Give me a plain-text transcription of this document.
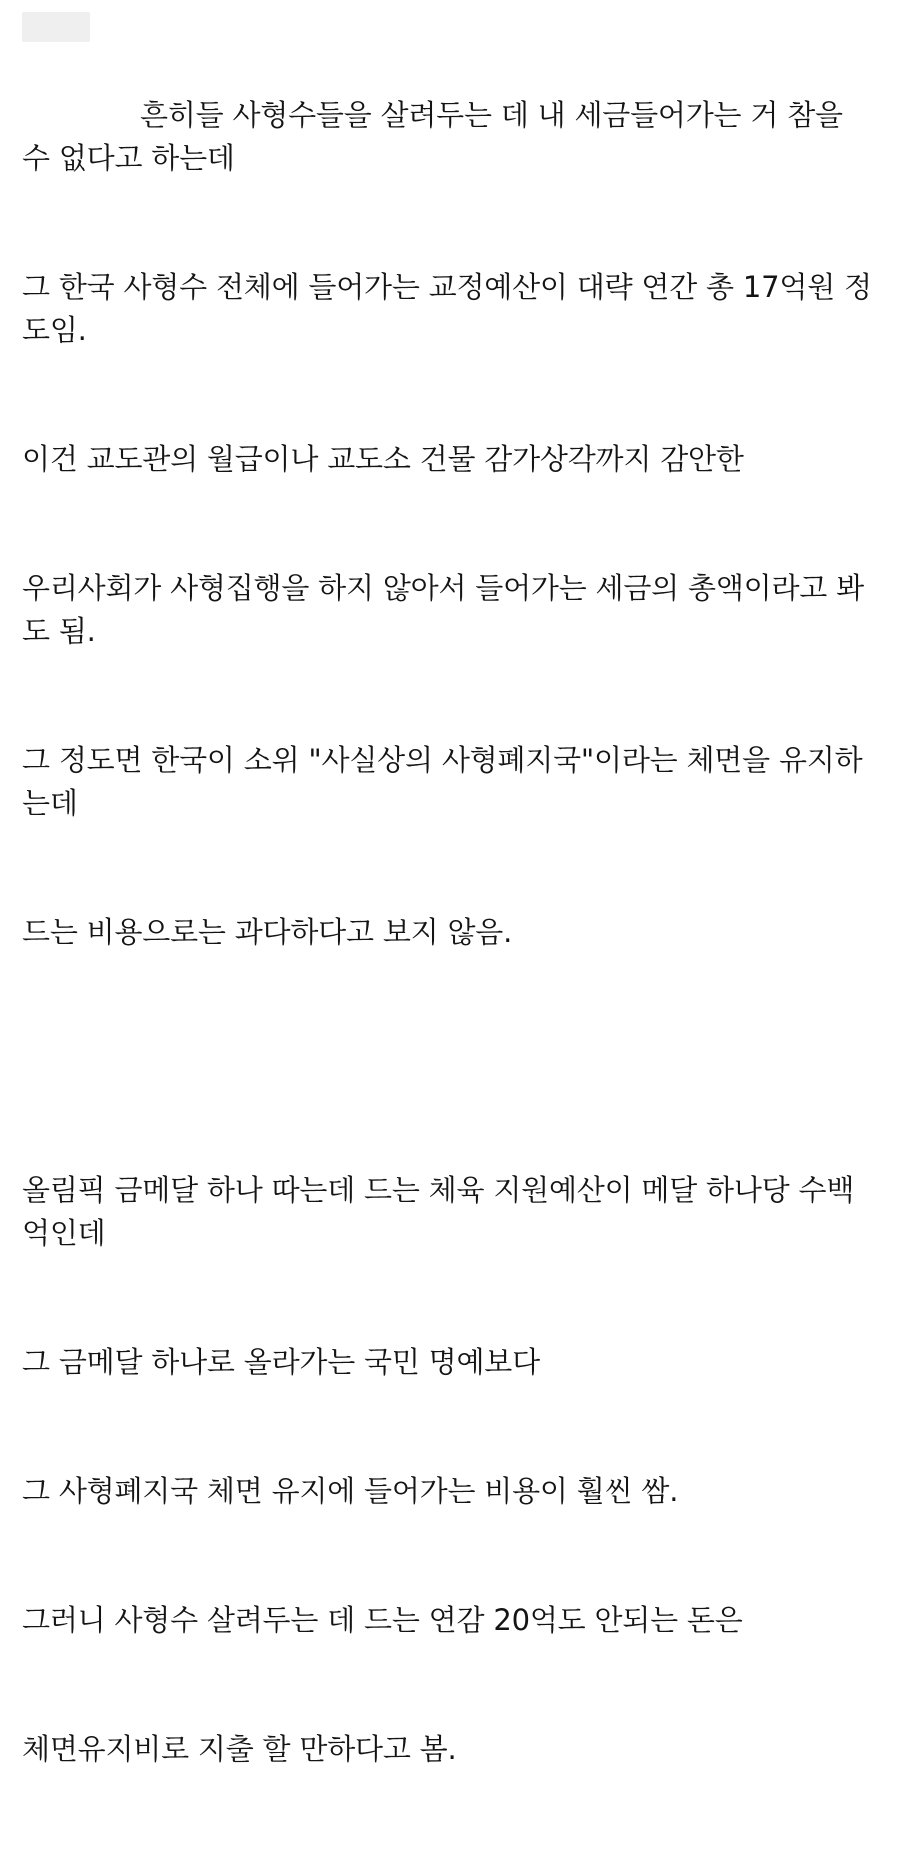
흔히들 사형수들을 살려두는 데 내 세금들어가는 거 참을 수 없다고 하는데

그 한국 사형수 전체에 들어가는 교정예산이 대략 연간 총 17억원 정도임.

이건 교도관의 월급이나 교도소 건물 감가상각까지 감안한

우리사회가 사형집행을 하지 않아서 들어가는 세금의 총액이라고 봐도 됨.

그 정도면 한국이 소위 "사실상의 사형폐지국"이라는 체면을 유지하는데

드는 비용으로는 과다하다고 보지 않음.

올림픽 금메달 하나 따는데 드는 체육 지원예산이 메달 하나당 수백억인데

그 금메달 하나로 올라가는 국민 명예보다

그 사형폐지국 체면 유지에 들어가는 비용이 훨씬 쌈.

그러니 사형수 살려두는 데 드는 연감 20억도 안되는 돈은

체면유지비로 지출 할 만하다고 봄.
